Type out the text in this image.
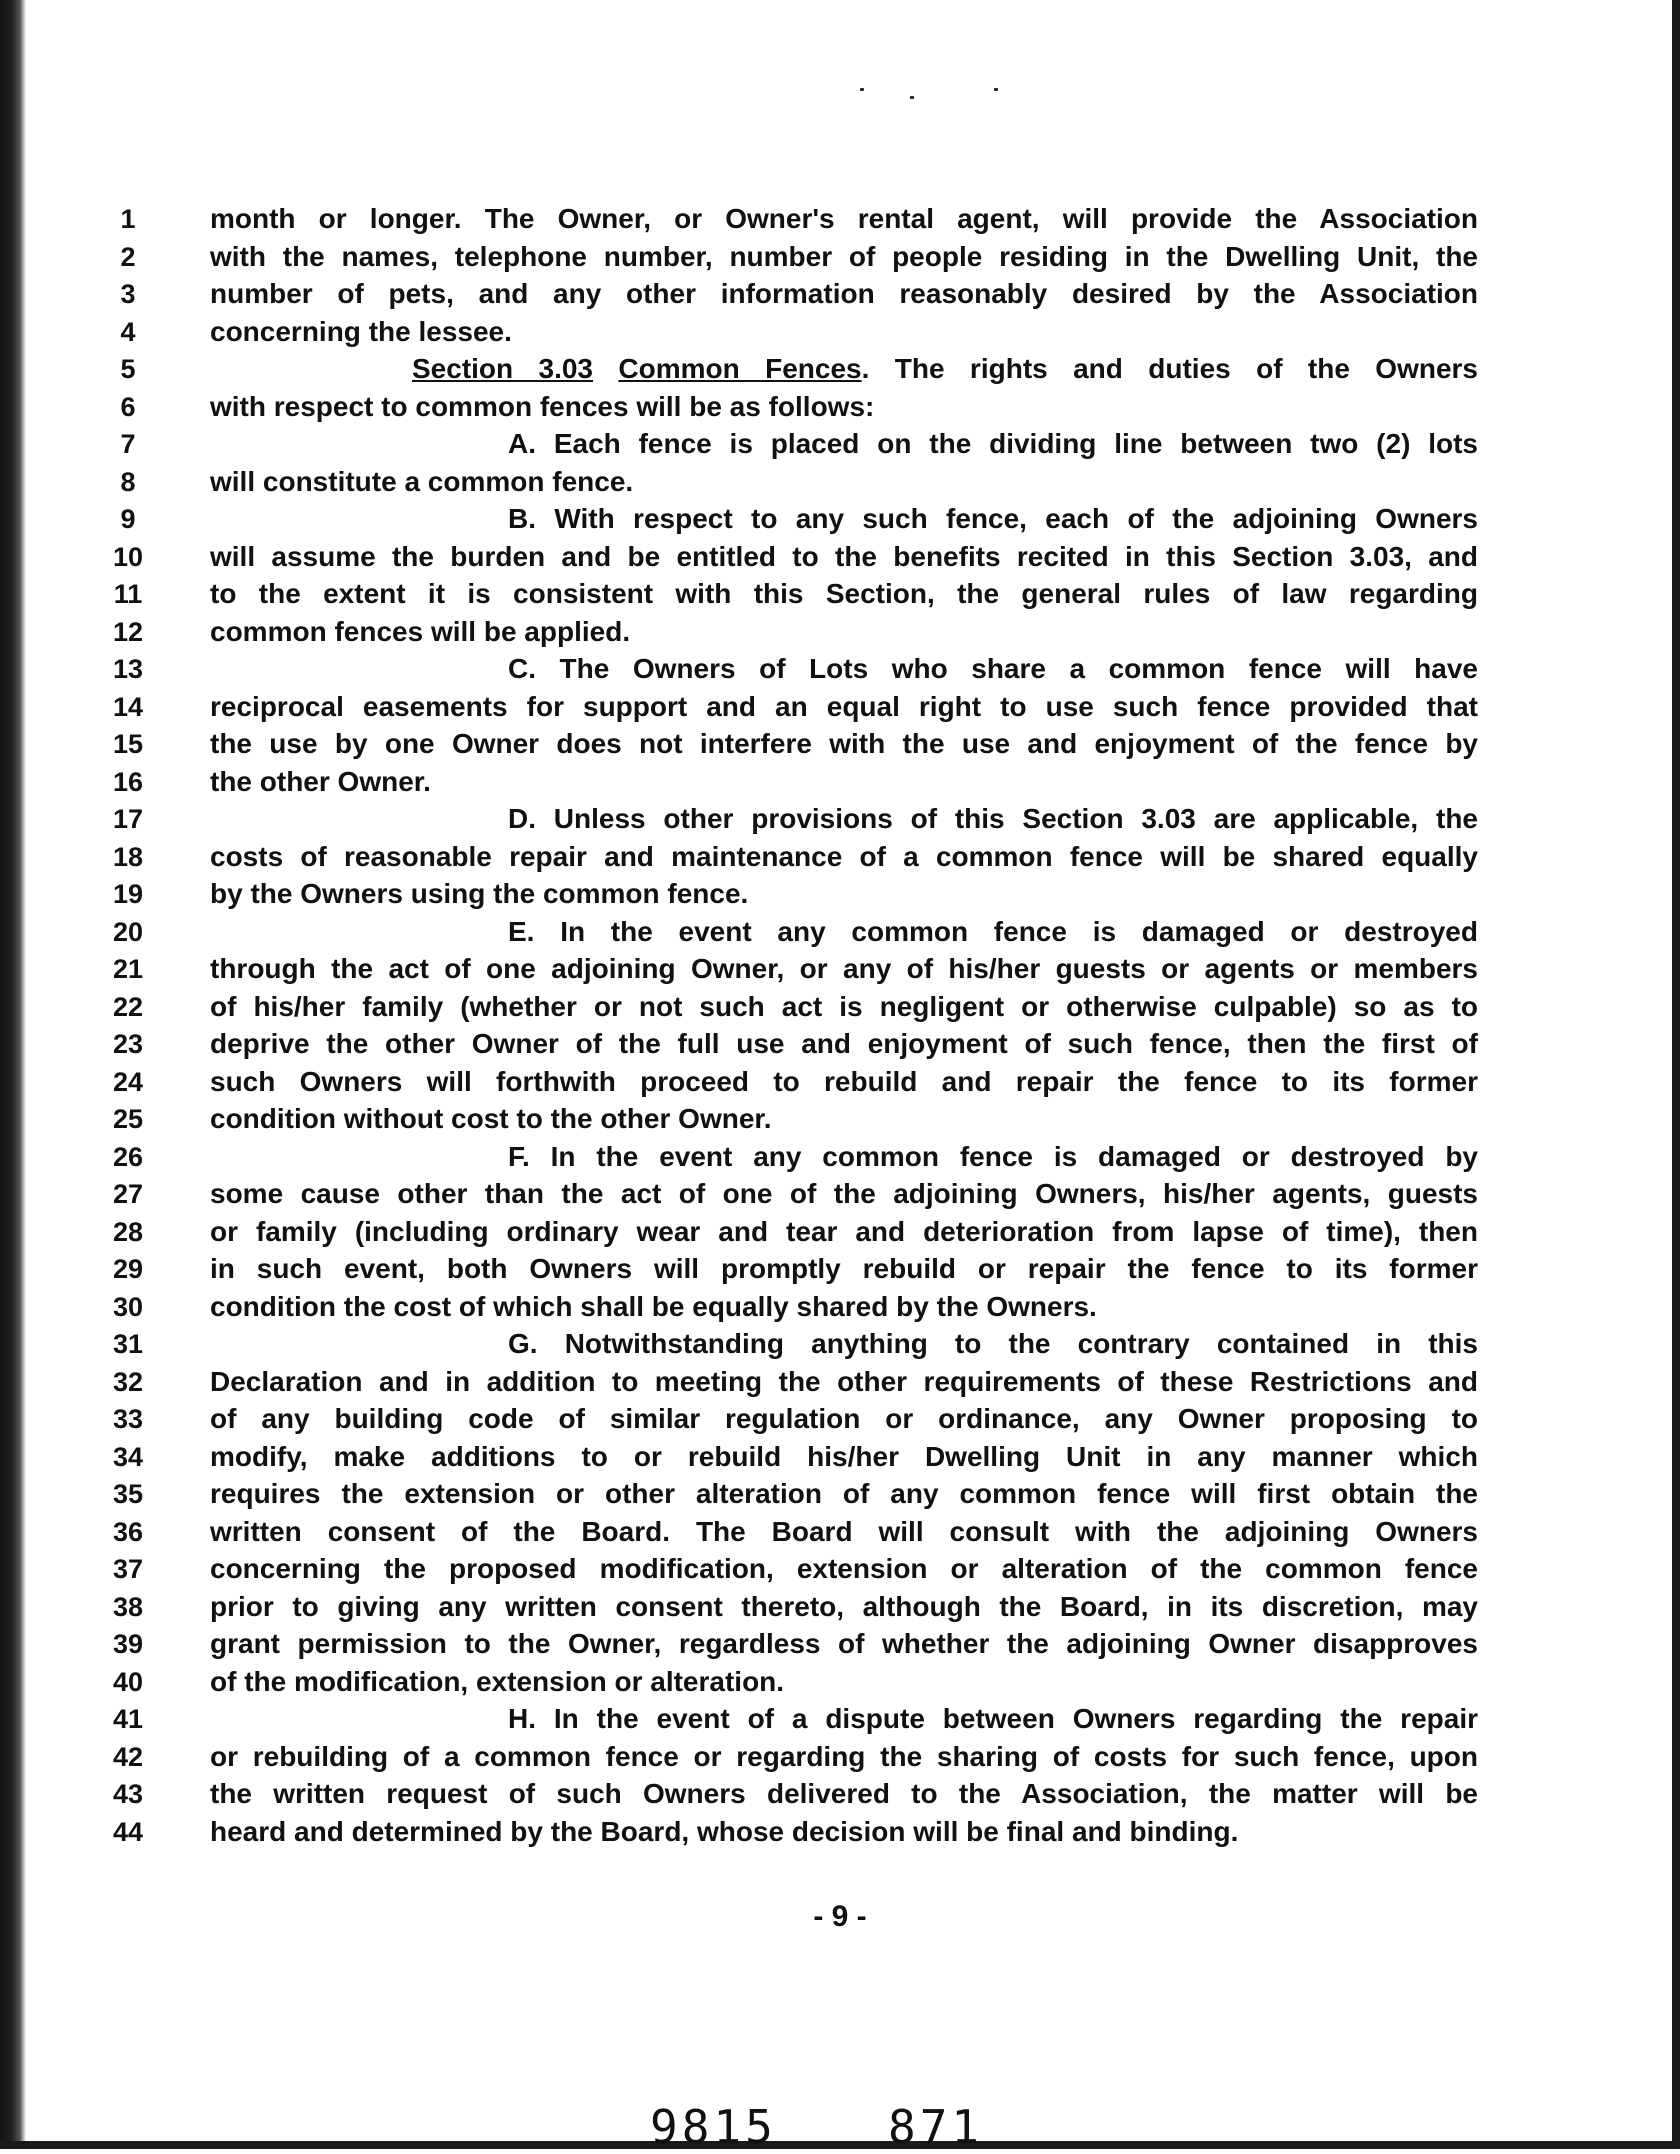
1	month or longer. The Owner, or Owner's rental agent, will provide the Association
2	with the names, telephone number, number of people residing in the Dwelling Unit, the
3	number of pets, and any other information reasonably desired by the Association
4	concerning the lessee.
5	Section 3.03 Common Fences. The rights and duties of the Owners
6	with respect to common fences will be as follows:
7	A. Each fence is placed on the dividing line between two (2) lots
8	will constitute a common fence.
9	B. With respect to any such fence, each of the adjoining Owners
10	will assume the burden and be entitled to the benefits recited in this Section 3.03, and
11	to the extent it is consistent with this Section, the general rules of law regarding
12	common fences will be applied.
13	C. The Owners of Lots who share a common fence will have
14	reciprocal easements for support and an equal right to use such fence provided that
15	the use by one Owner does not interfere with the use and enjoyment of the fence by
16	the other Owner.
17	D. Unless other provisions of this Section 3.03 are applicable, the
18	costs of reasonable repair and maintenance of a common fence will be shared equally
19	by the Owners using the common fence.
20	E. In the event any common fence is damaged or destroyed
21	through the act of one adjoining Owner, or any of his/her guests or agents or members
22	of his/her family (whether or not such act is negligent or otherwise culpable) so as to
23	deprive the other Owner of the full use and enjoyment of such fence, then the first of
24	such Owners will forthwith proceed to rebuild and repair the fence to its former
25	condition without cost to the other Owner.
26	F. In the event any common fence is damaged or destroyed by
27	some cause other than the act of one of the adjoining Owners, his/her agents, guests
28	or family (including ordinary wear and tear and deterioration from lapse of time), then
29	in such event, both Owners will promptly rebuild or repair the fence to its former
30	condition the cost of which shall be equally shared by the Owners.
31	G. Notwithstanding anything to the contrary contained in this
32	Declaration and in addition to meeting the other requirements of these Restrictions and
33	of any building code of similar regulation or ordinance, any Owner proposing to
34	modify, make additions to or rebuild his/her Dwelling Unit in any manner which
35	requires the extension or other alteration of any common fence will first obtain the
36	written consent of the Board. The Board will consult with the adjoining Owners
37	concerning the proposed modification, extension or alteration of the common fence
38	prior to giving any written consent thereto, although the Board, in its discretion, may
39	grant permission to the Owner, regardless of whether the adjoining Owner disapproves
40	of the modification, extension or alteration.
41	H. In the event of a dispute between Owners regarding the repair
42	or rebuilding of a common fence or regarding the sharing of costs for such fence, upon
43	the written request of such Owners delivered to the Association, the matter will be
44	heard and determined by the Board, whose decision will be final and binding.
- 9 -
9815 871
